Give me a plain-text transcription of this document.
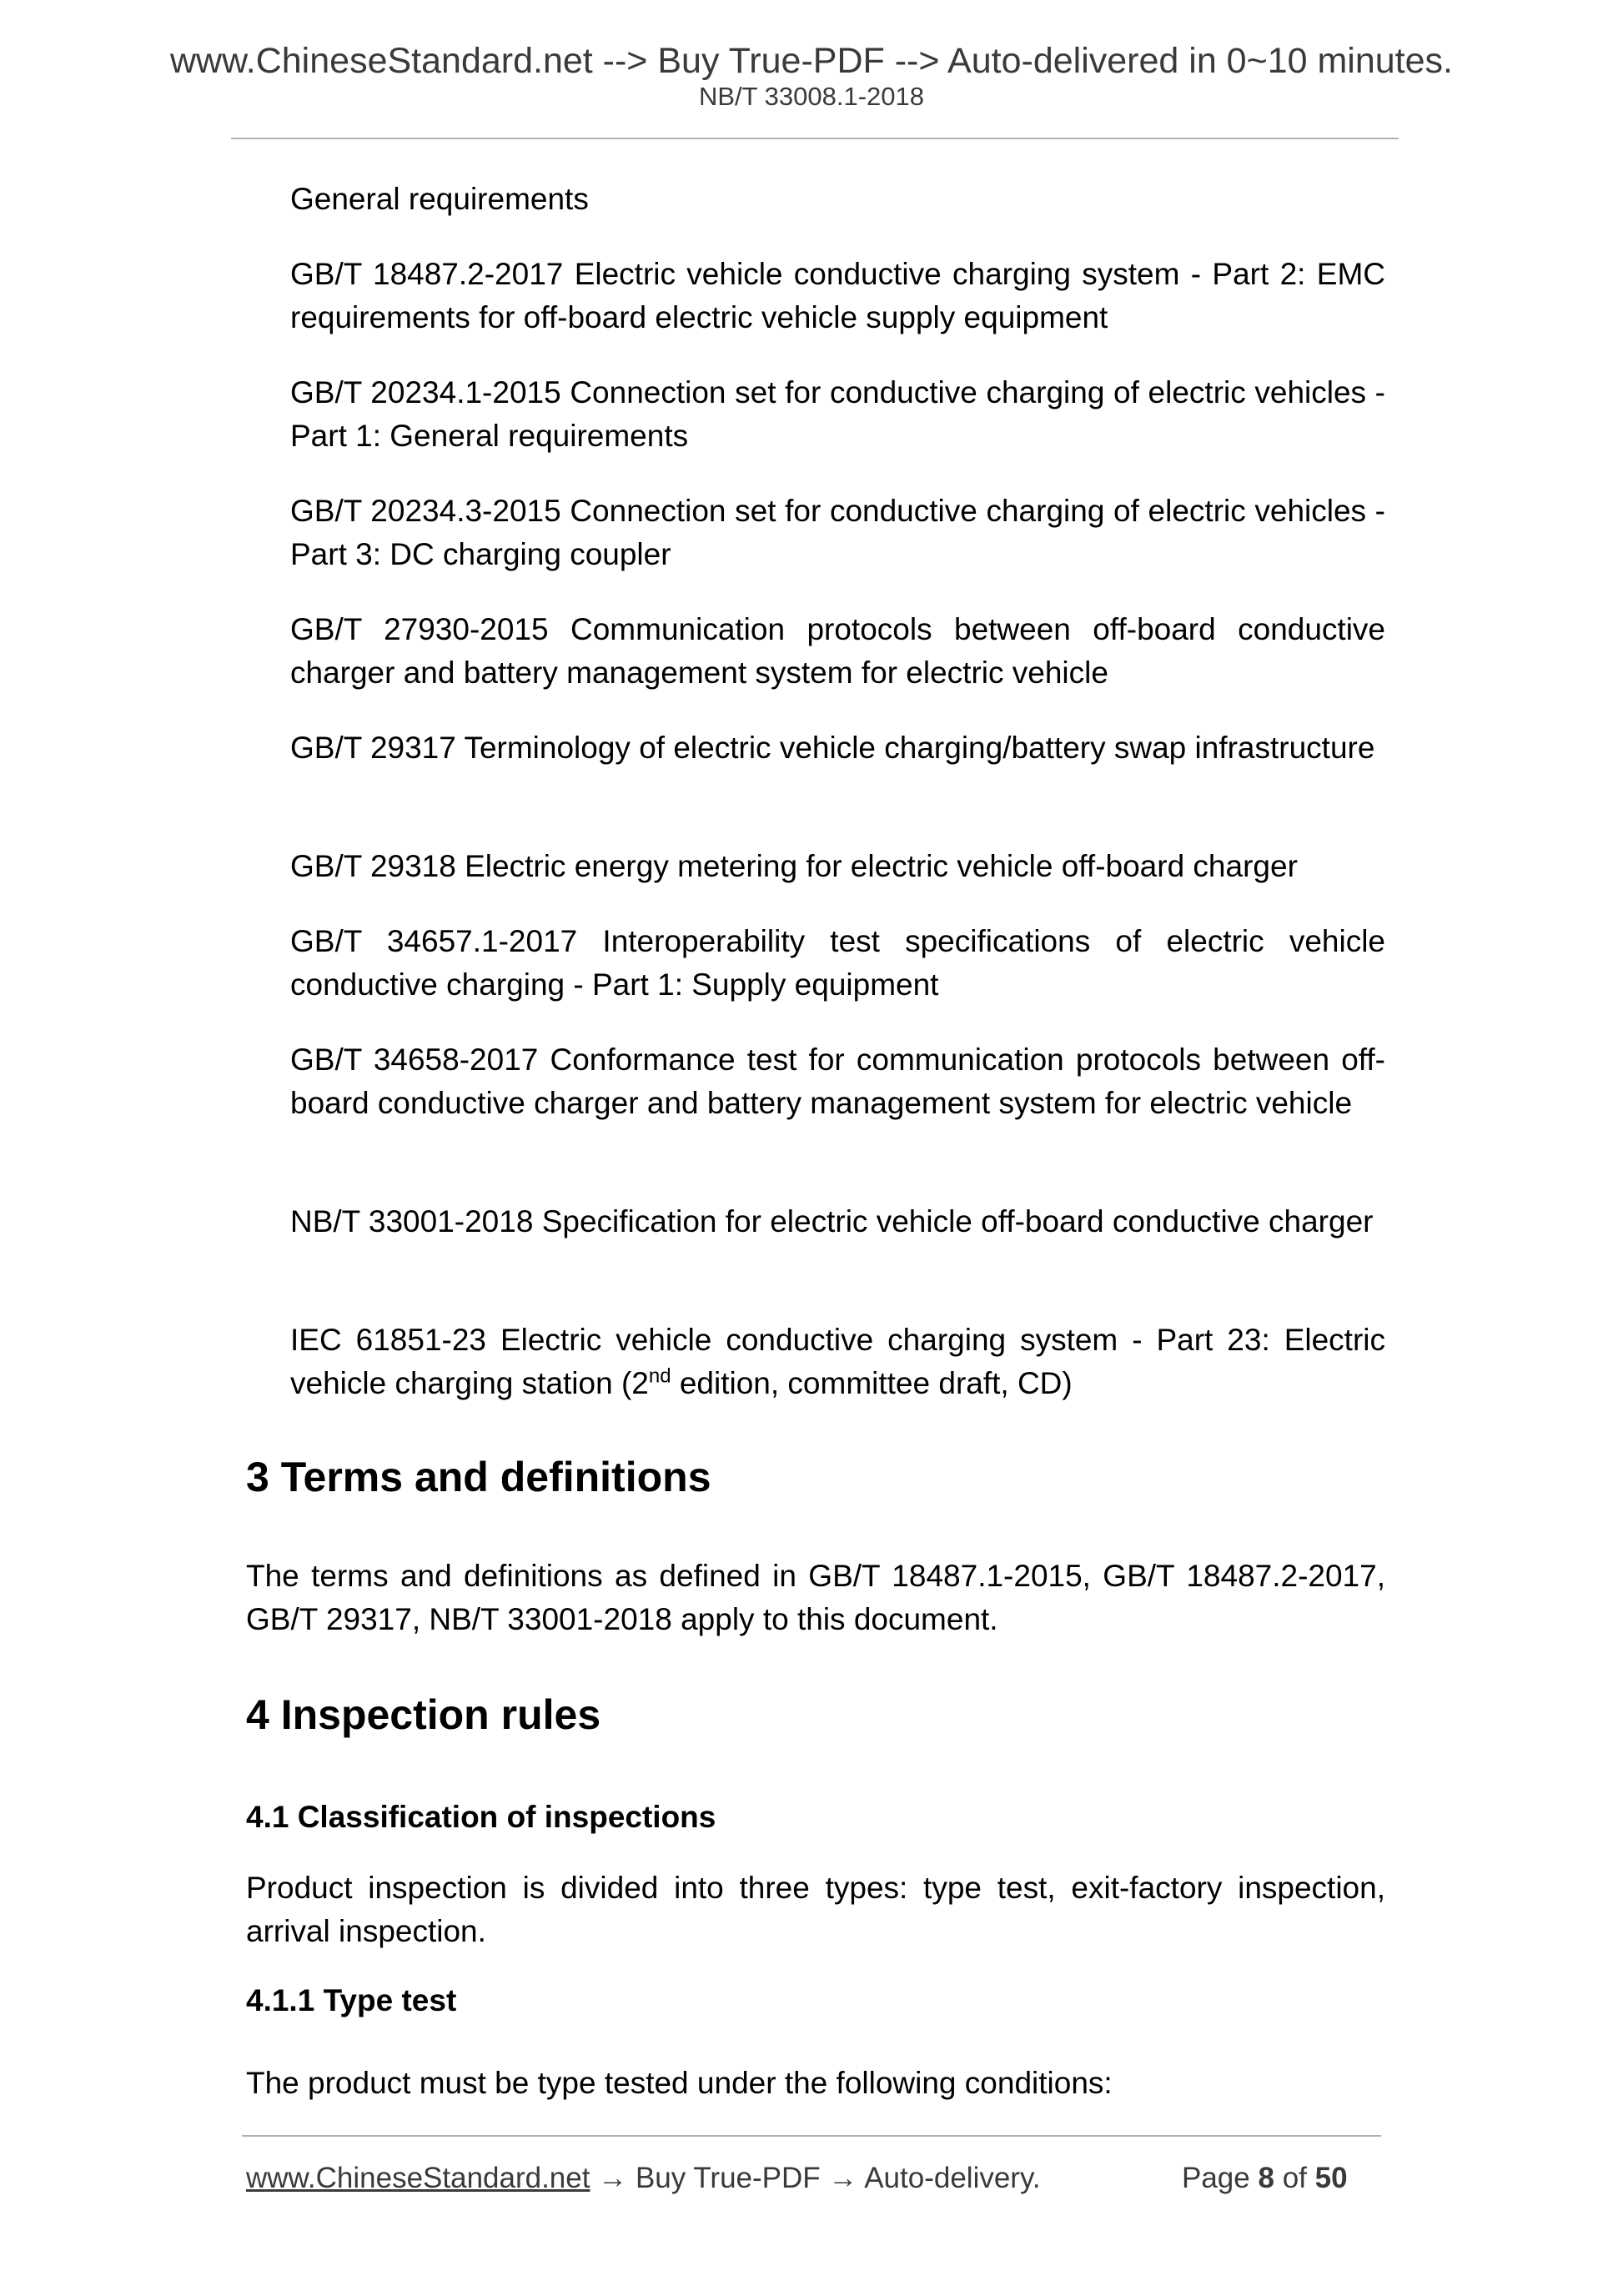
www.ChineseStandard.net --> Buy True-PDF --> Auto-delivered in 0~10 minutes.
NB/T 33008.1-2018
General requirements
GB/T 18487.2-2017 Electric vehicle conductive charging system - Part 2: EMC requirements for off-board electric vehicle supply equipment
GB/T 20234.1-2015 Connection set for conductive charging of electric vehicles - Part 1: General requirements
GB/T 20234.3-2015 Connection set for conductive charging of electric vehicles - Part 3: DC charging coupler
GB/T 27930-2015 Communication protocols between off-board conductive charger and battery management system for electric vehicle
GB/T 29317 Terminology of electric vehicle charging/battery swap infrastructure
GB/T 29318 Electric energy metering for electric vehicle off-board charger
GB/T 34657.1-2017 Interoperability test specifications of electric vehicle conductive charging - Part 1: Supply equipment
GB/T 34658-2017 Conformance test for communication protocols between off-board conductive charger and battery management system for electric vehicle
NB/T 33001-2018 Specification for electric vehicle off-board conductive charger
IEC 61851-23 Electric vehicle conductive charging system - Part 23: Electric vehicle charging station (2nd edition, committee draft, CD)
3 Terms and definitions
The terms and definitions as defined in GB/T 18487.1-2015, GB/T 18487.2-2017, GB/T 29317, NB/T 33001-2018 apply to this document.
4 Inspection rules
4.1 Classification of inspections
Product inspection is divided into three types: type test, exit-factory inspection, arrival inspection.
4.1.1 Type test
The product must be type tested under the following conditions:
www.ChineseStandard.net → Buy True-PDF → Auto-delivery.	Page 8 of 50
